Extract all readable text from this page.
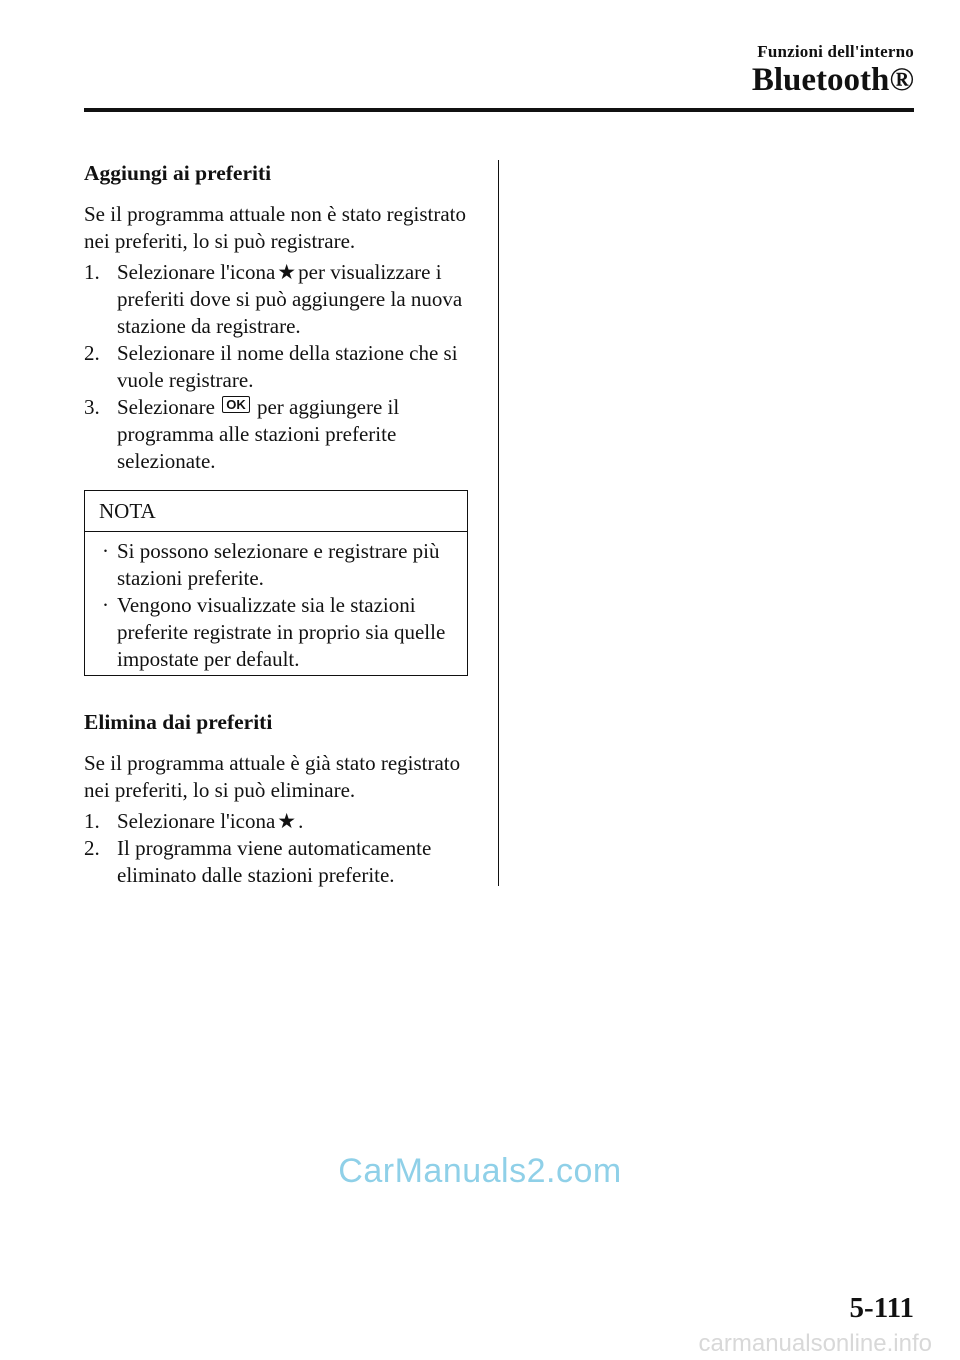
Funzioni dell'interno
Bluetooth®
Aggiungi ai preferiti
Se il programma attuale non è stato registrato nei preferiti, lo si può registrare.
1. Selezionare l'icona★per visualizzare i preferiti dove si può aggiungere la nuova stazione da registrare.
2. Selezionare il nome della stazione che si vuole registrare.
3. Selezionare OK per aggiungere il programma alle stazioni preferite selezionate.
NOTA
· Si possono selezionare e registrare più stazioni preferite.
· Vengono visualizzate sia le stazioni preferite registrate in proprio sia quelle impostate per default.
Elimina dai preferiti
Se il programma attuale è già stato registrato nei preferiti, lo si può eliminare.
1. Selezionare l'icona★.
2. Il programma viene automaticamente eliminato dalle stazioni preferite.
CarManuals2.com
5-111
carmanualsonline.info
